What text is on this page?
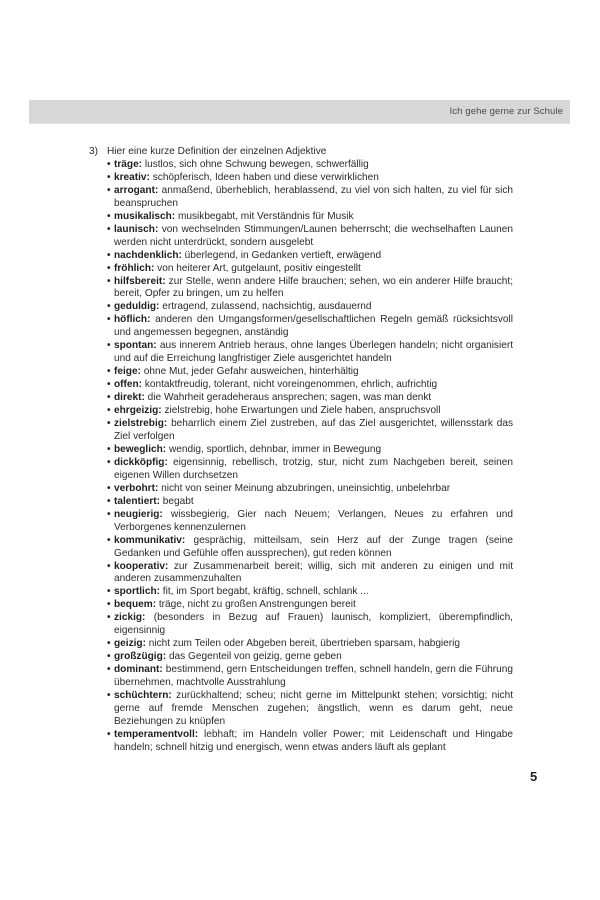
Ich gehe gerne zur Schule
3) Hier eine kurze Definition der einzelnen Adjektive
• träge: lustlos, sich ohne Schwung bewegen, schwerfällig
• kreativ: schöpferisch, Ideen haben und diese verwirklichen
• arrogant: anmaßend, überheblich, herablassend, zu viel von sich halten, zu viel für sich beanspruchen
• musikalisch: musikbegabt, mit Verständnis für Musik
• launisch: von wechselnden Stimmungen/Launen beherrscht; die wechselhaften Launen werden nicht unterdrückt, sondern ausgelebt
• nachdenklich: überlegend, in Gedanken vertieft, erwägend
• fröhlich: von heiterer Art, gutgelaunt, positiv eingestellt
• hilfsbereit: zur Stelle, wenn andere Hilfe brauchen; sehen, wo ein anderer Hilfe braucht; bereit, Opfer zu bringen, um zu helfen
• geduldig: ertragend, zulassend, nachsichtig, ausdauernd
• höflich: anderen den Umgangsformen/gesellschaftlichen Regeln gemäß rücksichtsvoll und angemessen begegnen, anständig
• spontan: aus innerem Antrieb heraus, ohne langes Überlegen handeln; nicht organisiert und auf die Erreichung langfristiger Ziele ausgerichtet handeln
• feige: ohne Mut, jeder Gefahr ausweichen, hinterhältig
• offen: kontaktfreudig, tolerant, nicht voreingenommen, ehrlich, aufrichtig
• direkt: die Wahrheit geradeheraus ansprechen; sagen, was man denkt
• ehrgeizig: zielstrebig, hohe Erwartungen und Ziele haben, anspruchsvoll
• zielstrebig: beharrlich einem Ziel zustreben, auf das Ziel ausgerichtet, willensstark das Ziel verfolgen
• beweglich: wendig, sportlich, dehnbar, immer in Bewegung
• dickköpfig: eigensinnig, rebellisch, trotzig, stur, nicht zum Nachgeben bereit, seinen eigenen Willen durchsetzen
• verbohrt: nicht von seiner Meinung abzubringen, uneinsichtig, unbelehrbar
• talentiert: begabt
• neugierig: wissbegierig, Gier nach Neuem; Verlangen, Neues zu erfahren und Verborgenes kennenzulernen
• kommunikativ: gesprächig, mitteilsam, sein Herz auf der Zunge tragen (seine Gedanken und Gefühle offen aussprechen), gut reden können
• kooperativ: zur Zusammenarbeit bereit; willig, sich mit anderen zu einigen und mit anderen zusammenzuhalten
• sportlich: fit, im Sport begabt, kräftig, schnell, schlank ...
• bequem: träge, nicht zu großen Anstrengungen bereit
• zickig: (besonders in Bezug auf Frauen) launisch, kompliziert, überempfindlich, eigensinnig
• geizig: nicht zum Teilen oder Abgeben bereit, übertrieben sparsam, habgierig
• großzügig: das Gegenteil von geizig, gerne geben
• dominant: bestimmend, gern Entscheidungen treffen, schnell handeln, gern die Führung übernehmen, machtvolle Ausstrahlung
• schüchtern: zurückhaltend; scheu; nicht gerne im Mittelpunkt stehen; vorsichtig; nicht gerne auf fremde Menschen zugehen; ängstlich, wenn es darum geht, neue Beziehungen zu knüpfen
• temperamentvoll: lebhaft; im Handeln voller Power; mit Leidenschaft und Hingabe handeln; schnell hitzig und energisch, wenn etwas anders läuft als geplant
5
